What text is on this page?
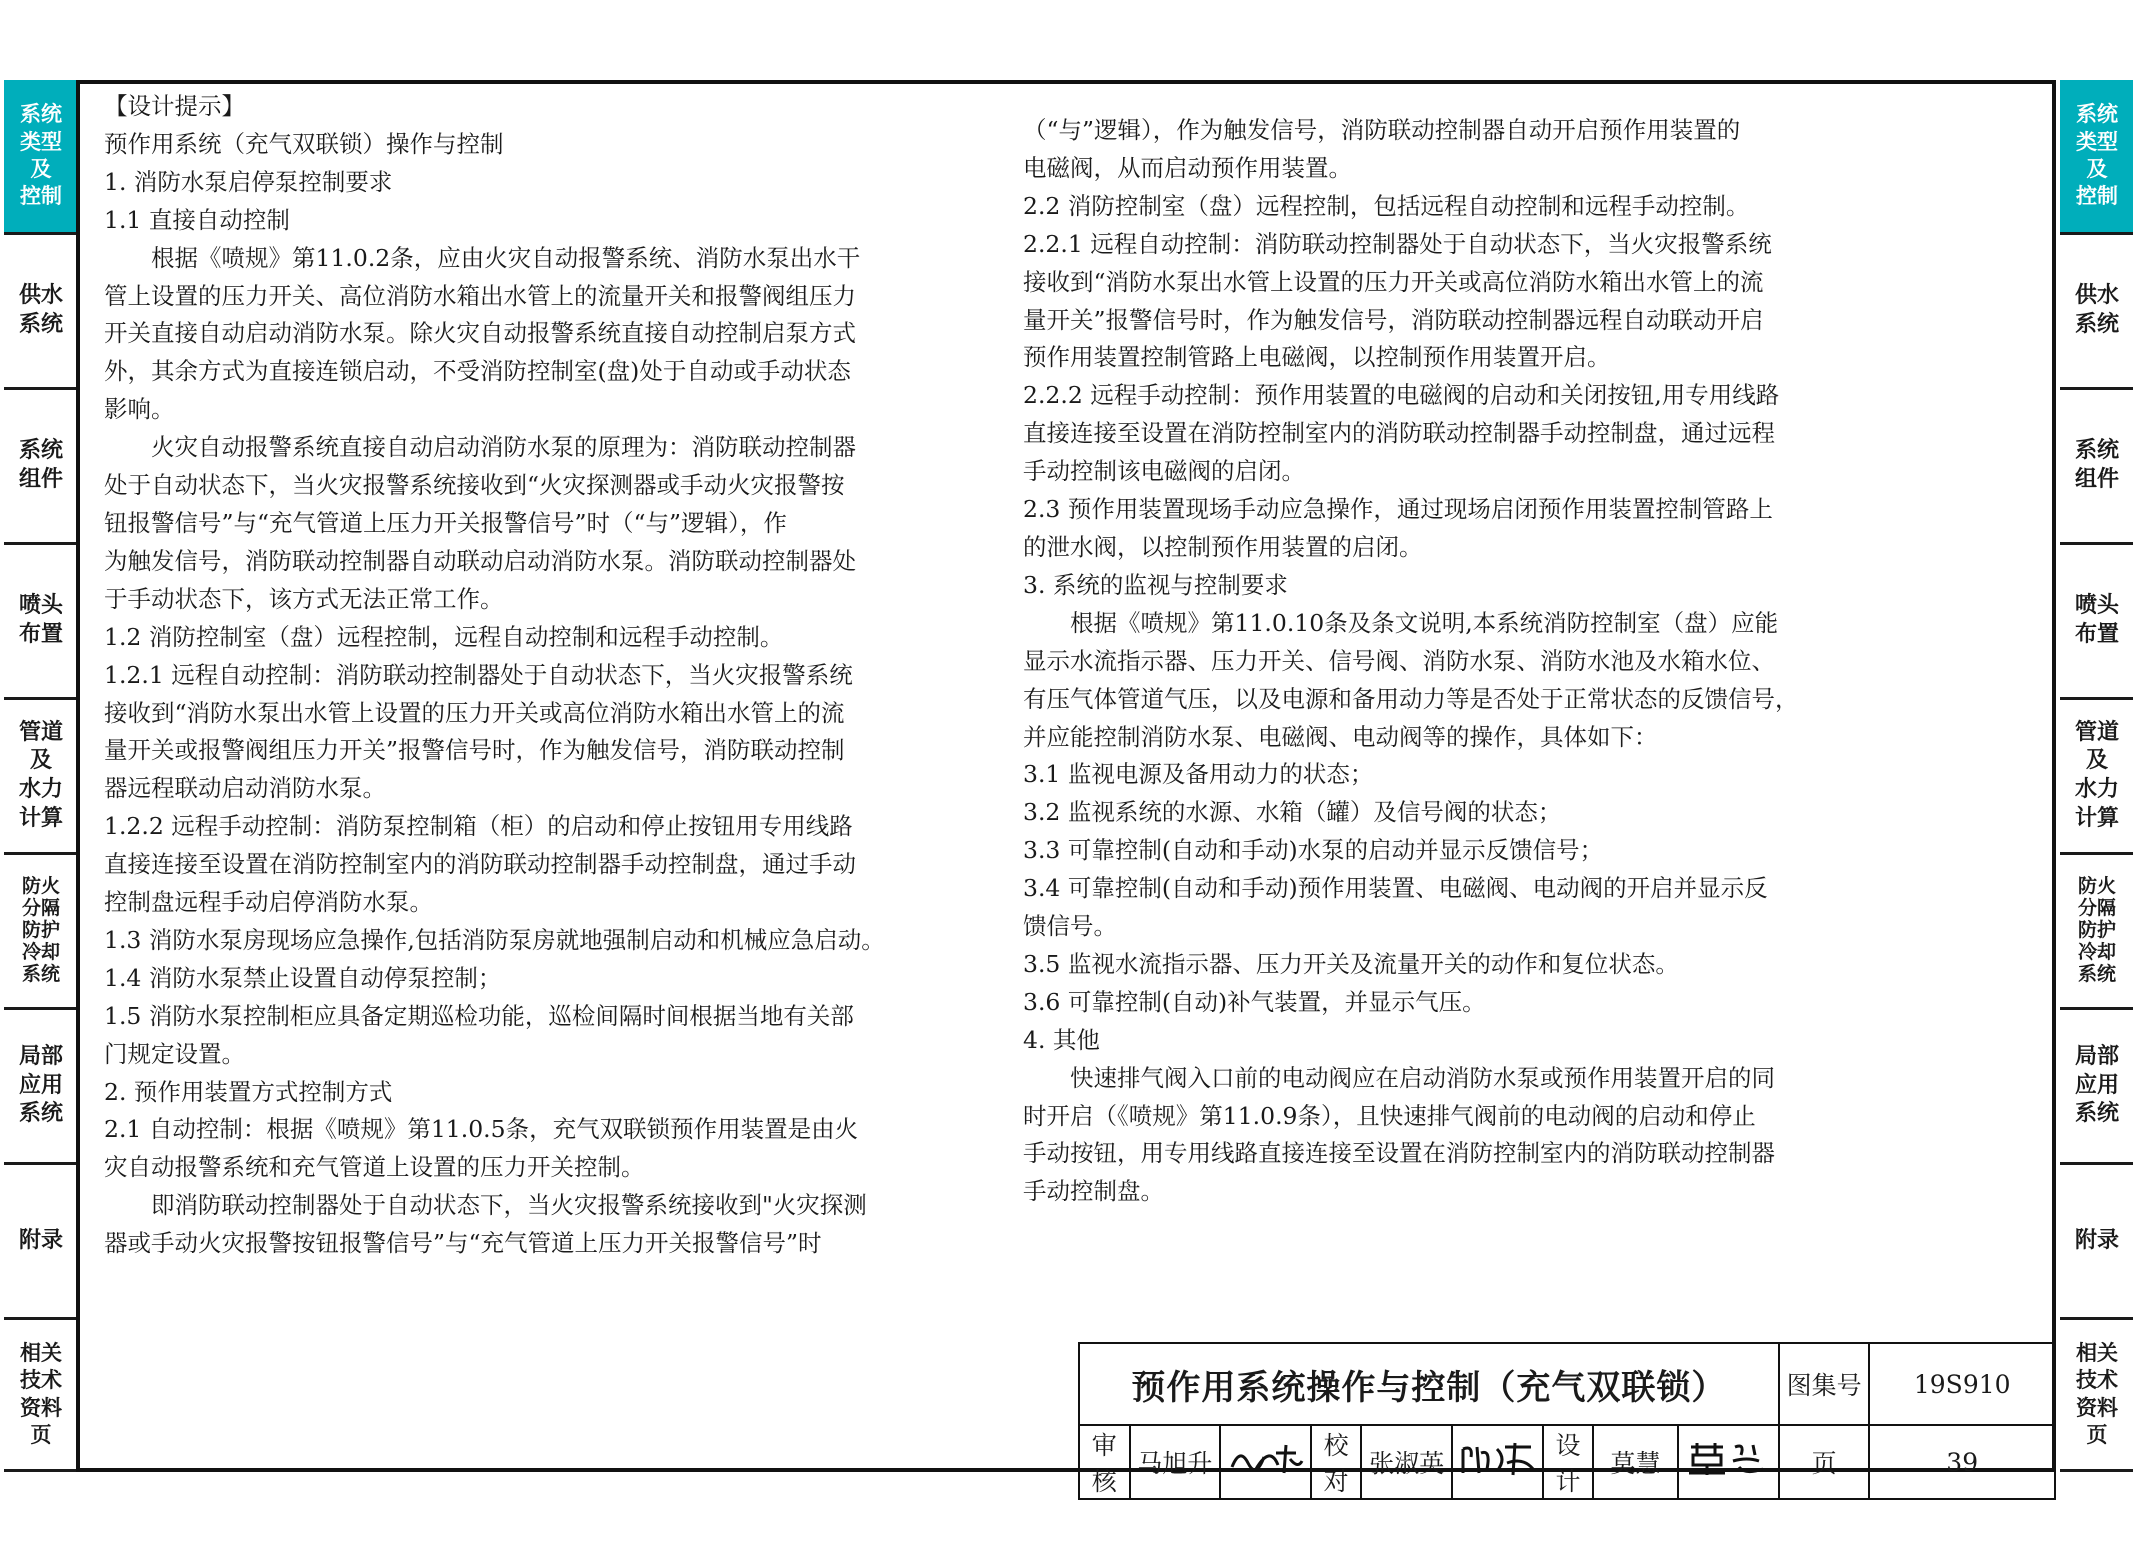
系统
类型
及
控制
供水
系统
系统
组件
喷头
布置
管道
及
水力
计算
防火
分隔
防护
冷却
系统
局部
应用
系统
附录
相关
技术
资料
页
系统
类型
及
控制
供水
系统
系统
组件
喷头
布置
管道
及
水力
计算
防火
分隔
防护
冷却
系统
局部
应用
系统
附录
相关
技术
资料
页

【设计提示】

预作用系统（充气双联锁）操作与控制

1. 消防水泵启停泵控制要求

1.1 直接自动控制

根据《喷规》第11.0.2条，应由火灾自动报警系统、消防水泵出水干

管上设置的压力开关、高位消防水箱出水管上的流量开关和报警阀组压力

开关直接自动启动消防水泵。除火灾自动报警系统直接自动控制启泵方式

外，其余方式为直接连锁启动，不受消防控制室(盘)处于自动或手动状态

影响。

火灾自动报警系统直接自动启动消防水泵的原理为：消防联动控制器

处于自动状态下，当火灾报警系统接收到“火灾探测器或手动火灾报警按

钮报警信号”与“充气管道上压力开关报警信号”时（“与”逻辑），作

为触发信号，消防联动控制器自动联动启动消防水泵。消防联动控制器处

于手动状态下，该方式无法正常工作。

1.2 消防控制室（盘）远程控制，远程自动控制和远程手动控制。

1.2.1 远程自动控制：消防联动控制器处于自动状态下，当火灾报警系统

接收到“消防水泵出水管上设置的压力开关或高位消防水箱出水管上的流

量开关或报警阀组压力开关”报警信号时，作为触发信号，消防联动控制

器远程联动启动消防水泵。

1.2.2 远程手动控制：消防泵控制箱（柜）的启动和停止按钮用专用线路

直接连接至设置在消防控制室内的消防联动控制器手动控制盘，通过手动

控制盘远程手动启停消防水泵。

1.3 消防水泵房现场应急操作,包括消防泵房就地强制启动和机械应急启动。

1.4 消防水泵禁止设置自动停泵控制；

1.5 消防水泵控制柜应具备定期巡检功能，巡检间隔时间根据当地有关部

门规定设置。

2. 预作用装置方式控制方式

2.1 自动控制：根据《喷规》第11.0.5条，充气双联锁预作用装置是由火

灾自动报警系统和充气管道上设置的压力开关控制。

即消防联动控制器处于自动状态下，当火灾报警系统接收到"火灾探测

器或手动火灾报警按钮报警信号”与“充气管道上压力开关报警信号”时

（“与”逻辑），作为触发信号，消防联动控制器自动开启预作用装置的

电磁阀，从而启动预作用装置。

2.2 消防控制室（盘）远程控制，包括远程自动控制和远程手动控制。

2.2.1 远程自动控制：消防联动控制器处于自动状态下，当火灾报警系统

接收到“消防水泵出水管上设置的压力开关或高位消防水箱出水管上的流

量开关”报警信号时，作为触发信号，消防联动控制器远程自动联动开启

预作用装置控制管路上电磁阀，以控制预作用装置开启。

2.2.2 远程手动控制：预作用装置的电磁阀的启动和关闭按钮,用专用线路

直接连接至设置在消防控制室内的消防联动控制器手动控制盘，通过远程

手动控制该电磁阀的启闭。

2.3 预作用装置现场手动应急操作，通过现场启闭预作用装置控制管路上

的泄水阀，以控制预作用装置的启闭。

3. 系统的监视与控制要求

根据《喷规》第11.0.10条及条文说明,本系统消防控制室（盘）应能

显示水流指示器、压力开关、信号阀、消防水泵、消防水池及水箱水位、

有压气体管道气压，以及电源和备用动力等是否处于正常状态的反馈信号，

并应能控制消防水泵、电磁阀、电动阀等的操作，具体如下：

3.1 监视电源及备用动力的状态；

3.2 监视系统的水源、水箱（罐）及信号阀的状态；

3.3 可靠控制(自动和手动)水泵的启动并显示反馈信号；

3.4 可靠控制(自动和手动)预作用装置、电磁阀、电动阀的开启并显示反

馈信号。

3.5 监视水流指示器、压力开关及流量开关的动作和复位状态。

3.6 可靠控制(自动)补气装置，并显示气压。

4. 其他

快速排气阀入口前的电动阀应在启动消防水泵或预作用装置开启的同

时开启（《喷规》第11.0.9条），且快速排气阀前的电动阀的启动和停止

手动按钮，用专用线路直接连接至设置在消防控制室内的消防联动控制器

手动控制盘。

预作用系统操作与控制（充气双联锁）									图集号	19S910
审核	马旭升		校对	张淑英		设计	莫慧		页	39
